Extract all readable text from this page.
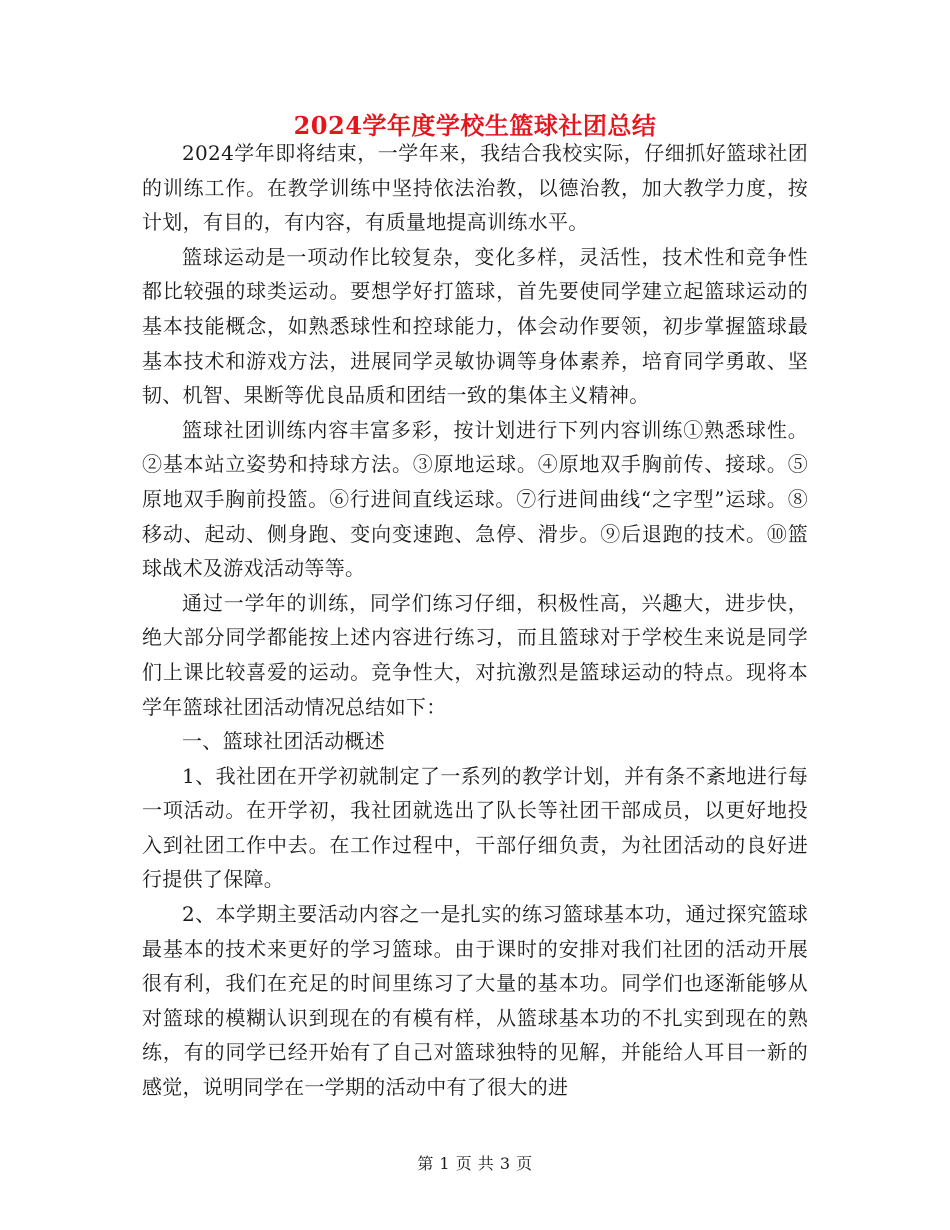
2024学年度学校生篮球社团总结

2024学年即将结束，一学年来，我结合我校实际，仔细抓好篮球社团的训练工作。在教学训练中坚持依法治教，以德治教，加大教学力度，按计划，有目的，有内容，有质量地提高训练水平。

篮球运动是一项动作比较复杂，变化多样，灵活性，技术性和竞争性都比较强的球类运动。要想学好打篮球，首先要使同学建立起篮球运动的基本技能概念，如熟悉球性和控球能力，体会动作要领，初步掌握篮球最基本技术和游戏方法，进展同学灵敏协调等身体素养，培育同学勇敢、坚韧、机智、果断等优良品质和团结一致的集体主义精神。

篮球社团训练内容丰富多彩，按计划进行下列内容训练①熟悉球性。②基本站立姿势和持球方法。③原地运球。④原地双手胸前传、接球。⑤原地双手胸前投篮。⑥行进间直线运球。⑦行进间曲线“之字型”运球。⑧移动、起动、侧身跑、变向变速跑、急停、滑步。⑨后退跑的技术。⑩篮球战术及游戏活动等等。

通过一学年的训练，同学们练习仔细，积极性高，兴趣大，进步快，绝大部分同学都能按上述内容进行练习，而且篮球对于学校生来说是同学们上课比较喜爱的运动。竞争性大，对抗激烈是篮球运动的特点。现将本学年篮球社团活动情况总结如下：

一、篮球社团活动概述

1、我社团在开学初就制定了一系列的教学计划，并有条不紊地进行每一项活动。在开学初，我社团就选出了队长等社团干部成员，以更好地投入到社团工作中去。在工作过程中，干部仔细负责，为社团活动的良好进行提供了保障。

2、本学期主要活动内容之一是扎实的练习篮球基本功，通过探究篮球最基本的技术来更好的学习篮球。由于课时的安排对我们社团的活动开展很有利，我们在充足的时间里练习了大量的基本功。同学们也逐渐能够从对篮球的模糊认识到现在的有模有样，从篮球基本功的不扎实到现在的熟练，有的同学已经开始有了自己对篮球独特的见解，并能给人耳目一新的感觉，说明同学在一学期的活动中有了很大的进

第 1 页 共 3 页
